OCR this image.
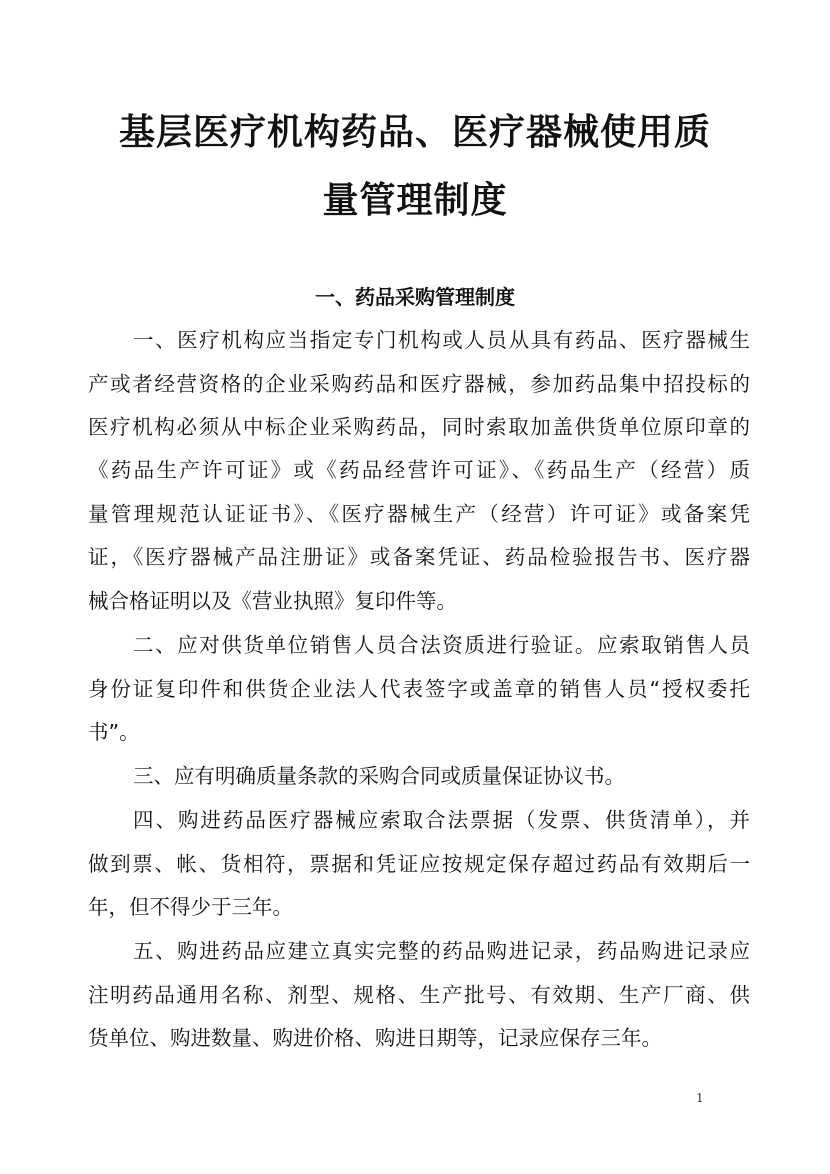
基层医疗机构药品、医疗器械使用质
量管理制度
一、药品采购管理制度
一、医疗机构应当指定专门机构或人员从具有药品、医疗器械生
产或者经营资格的企业采购药品和医疗器械，参加药品集中招投标的
医疗机构必须从中标企业采购药品，同时索取加盖供货单位原印章的
《药品生产许可证》或《药品经营许可证》、《药品生产（经营）质
量管理规范认证证书》、《医疗器械生产（经营）许可证》或备案凭
证，《医疗器械产品注册证》或备案凭证、药品检验报告书、医疗器
械合格证明以及《营业执照》复印件等。
二、应对供货单位销售人员合法资质进行验证。应索取销售人员
身份证复印件和供货企业法人代表签字或盖章的销售人员“授权委托
书”。
三、应有明确质量条款的采购合同或质量保证协议书。
四、购进药品医疗器械应索取合法票据（发票、供货清单），并
做到票、帐、货相符，票据和凭证应按规定保存超过药品有效期后一
年，但不得少于三年。
五、购进药品应建立真实完整的药品购进记录，药品购进记录应
注明药品通用名称、剂型、规格、生产批号、有效期、生产厂商、供
货单位、购进数量、购进价格、购进日期等，记录应保存三年。
1
